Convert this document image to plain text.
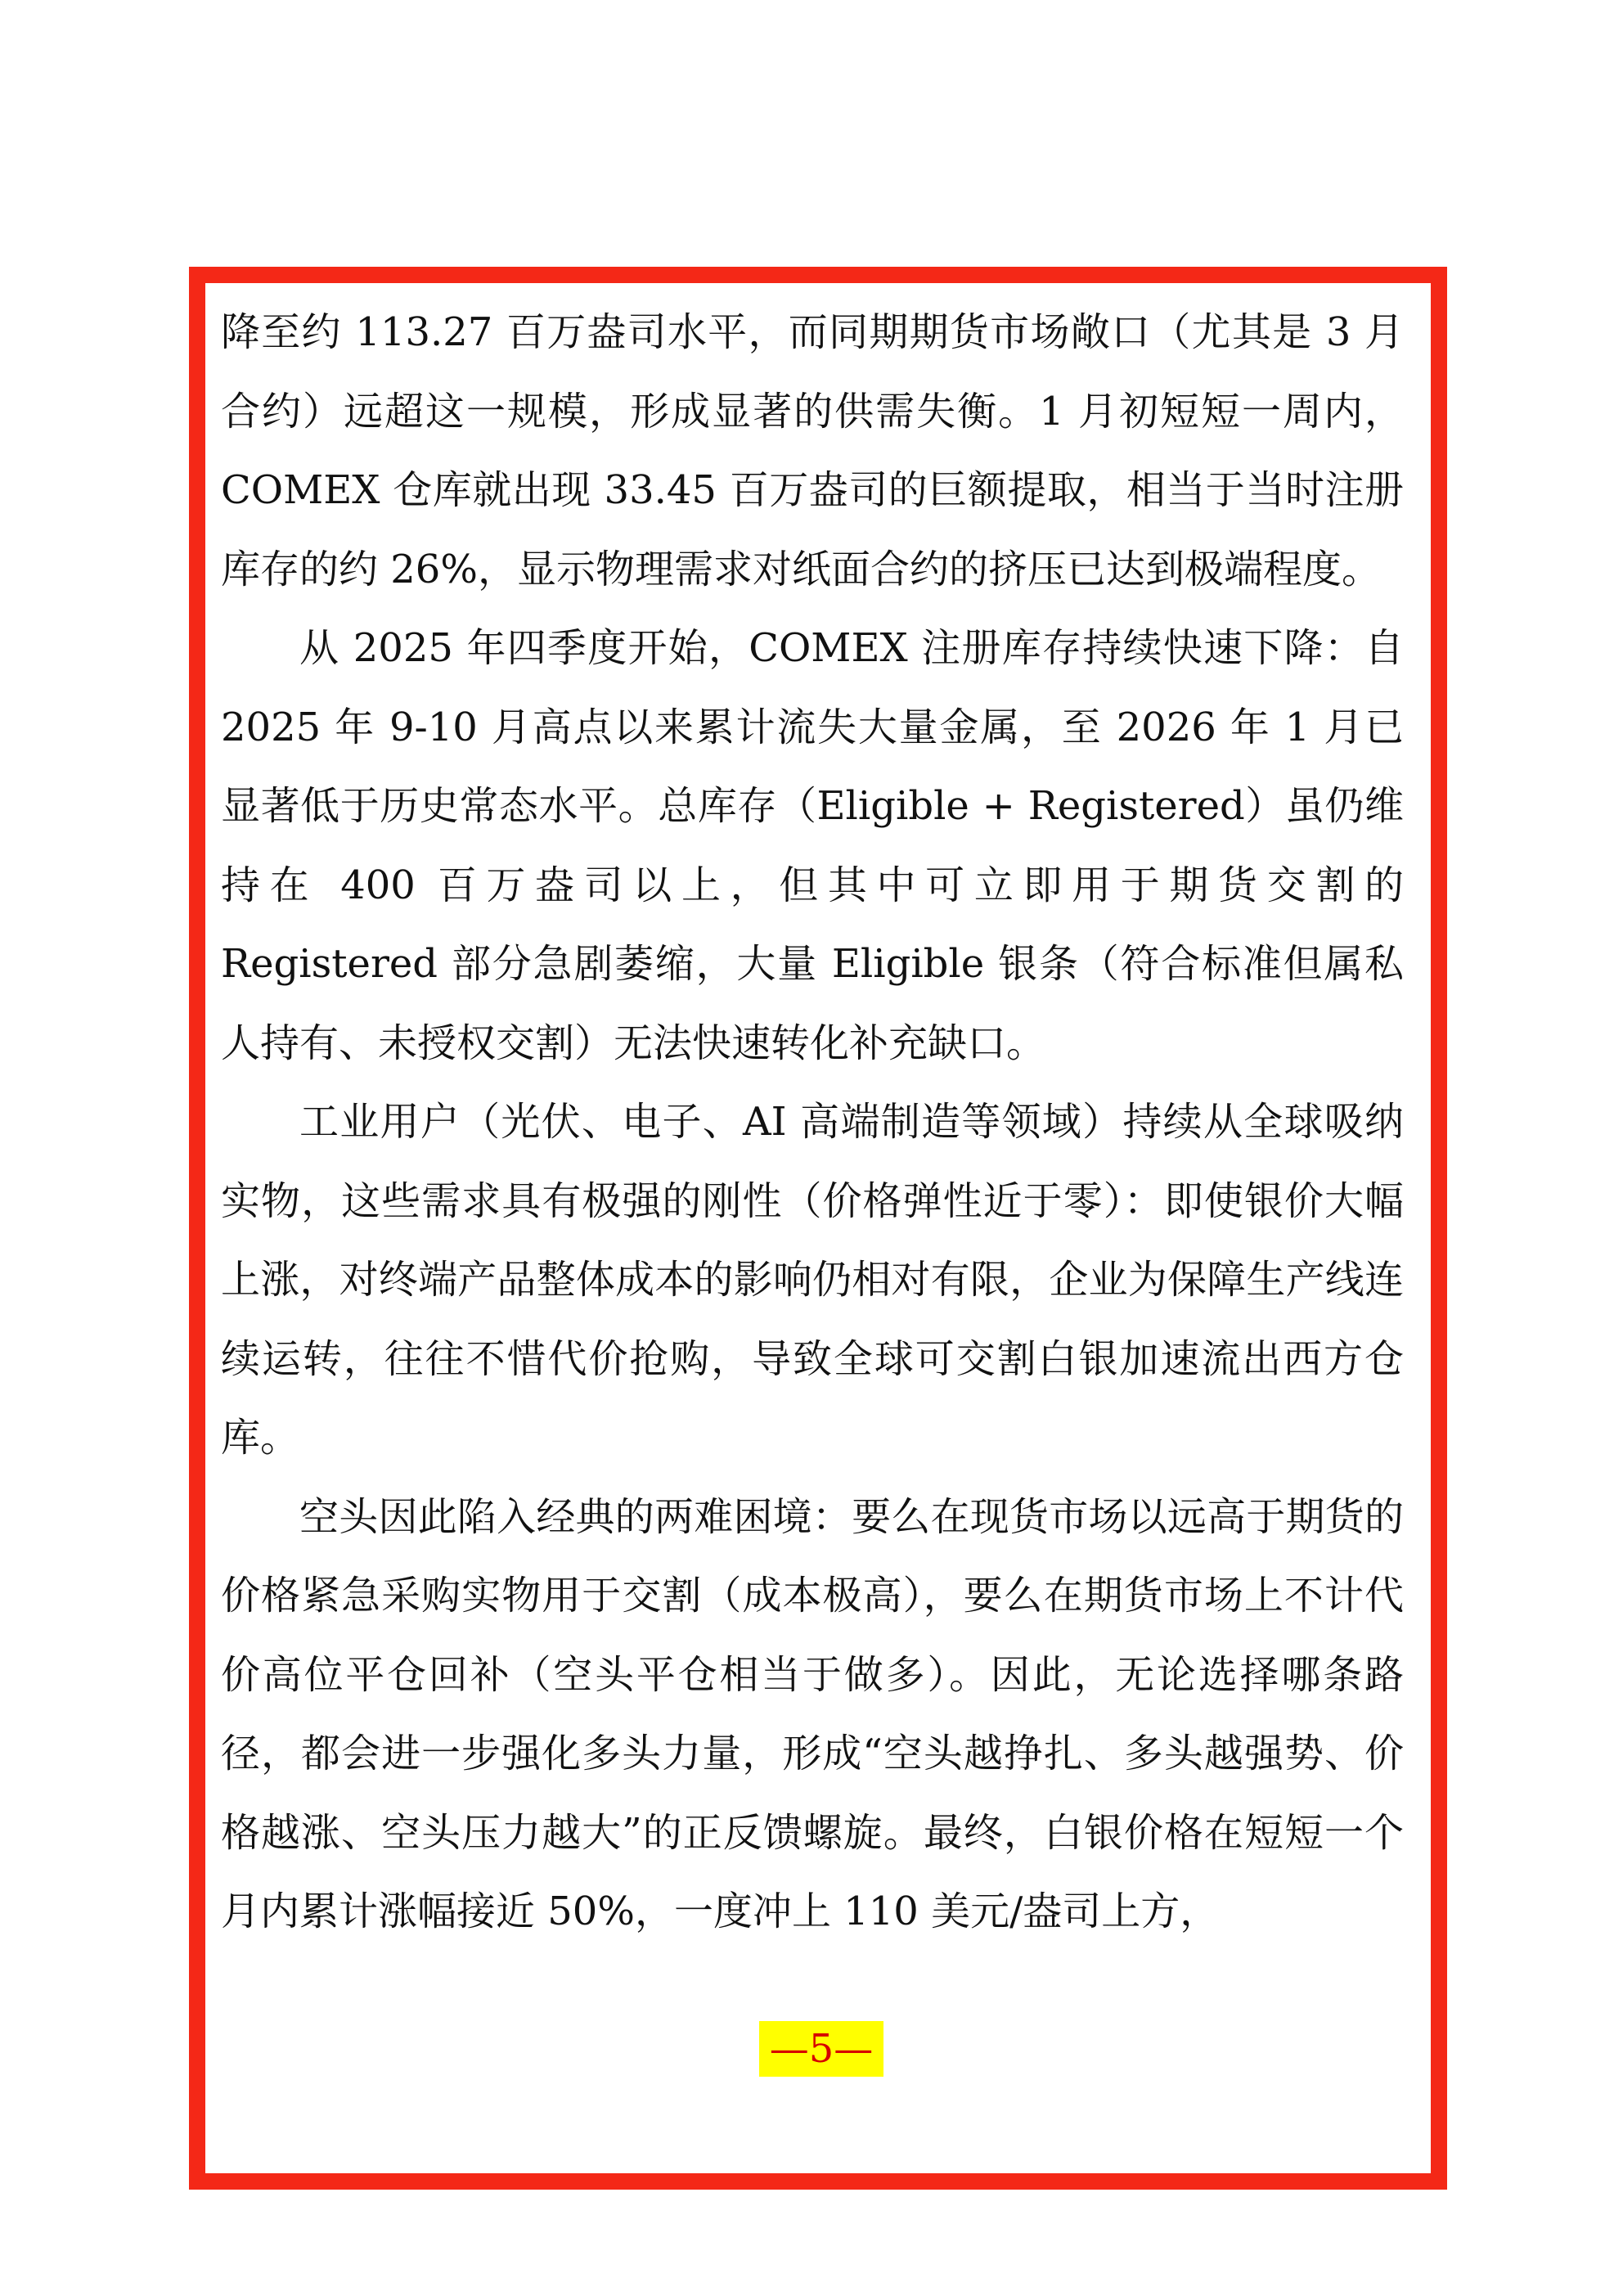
降至约 113.27 百万盎司水平，而同期期货市场敞口（尤其是 3 月合约）远超这一规模，形成显著的供需失衡。1 月初短短一周内，COMEX 仓库就出现 33.45 百万盎司的巨额提取，相当于当时注册库存的约 26%，显示物理需求对纸面合约的挤压已达到极端程度。

从 2025 年四季度开始，COMEX 注册库存持续快速下降：自 2025 年 9-10 月高点以来累计流失大量金属，至 2026 年 1 月已显著低于历史常态水平。总库存（Eligible + Registered）虽仍维持在 400 百万盎司以上，但其中可立即用于期货交割的 Registered 部分急剧萎缩，大量 Eligible 银条（符合标准但属私人持有、未授权交割）无法快速转化补充缺口。

工业用户（光伏、电子、AI 高端制造等领域）持续从全球吸纳实物，这些需求具有极强的刚性（价格弹性近于零）：即使银价大幅上涨，对终端产品整体成本的影响仍相对有限，企业为保障生产线连续运转，往往不惜代价抢购，导致全球可交割白银加速流出西方仓库。

空头因此陷入经典的两难困境：要么在现货市场以远高于期货的价格紧急采购实物用于交割（成本极高），要么在期货市场上不计代价高位平仓回补（空头平仓相当于做多）。因此，无论选择哪条路径，都会进一步强化多头力量，形成“空头越挣扎、多头越强势、价格越涨、空头压力越大”的正反馈螺旋。最终，白银价格在短短一个月内累计涨幅接近 50%，一度冲上 110 美元/盎司上方，

—5—
